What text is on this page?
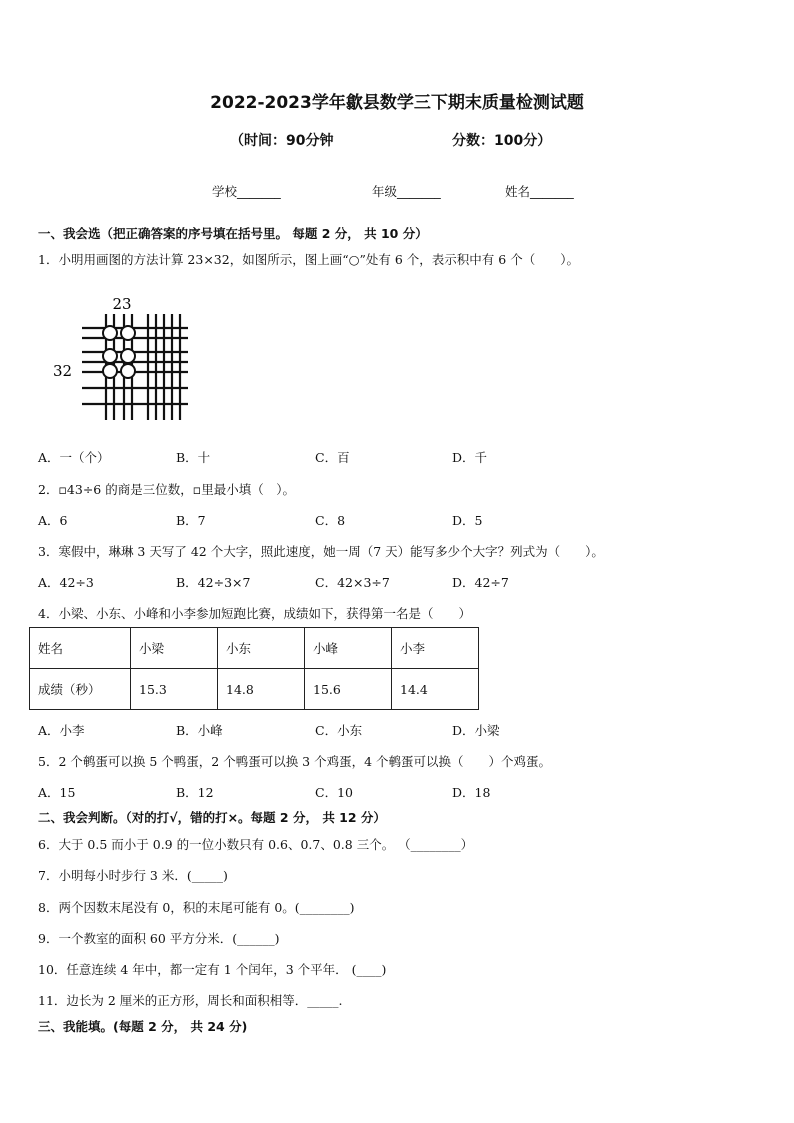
2022-2023学年歙县数学三下期末质量检测试题
（时间：90分钟	分数：100分）
学校_______	年级_______	姓名_______
一、我会选（把正确答案的序号填在括号里。 每题 2 分， 共 10 分）
1．小明用画图的方法计算 23×32，如图所示，图上画“○”处有 6 个，表示积中有 6 个（　　）。
23
32
A．一（个）	B．十	C．百	D．千
2．▫43÷6 的商是三位数，▫里最小填（　）。
A．6	B．7	C．8	D．5
3．寒假中，琳琳 3 天写了 42 个大字，照此速度，她一周（7 天）能写多少个大字？列式为（　　）。
A．42÷3	B．42÷3×7	C．42×3÷7	D．42÷7
4．小梁、小东、小峰和小李参加短跑比赛，成绩如下，获得第一名是（　　）
姓名	小梁	小东	小峰	小李
成绩（秒）	15.3	14.8	15.6	14.4
A．小李	B．小峰	C．小东	D．小梁
5．2 个鹌蛋可以换 5 个鸭蛋，2 个鸭蛋可以换 3 个鸡蛋，4 个鹌蛋可以换（　　）个鸡蛋。
A．15	B．12	C．10	D．18
二、我会判断。（对的打√，错的打×。每题 2 分， 共 12 分）
6．大于 0.5 而小于 0.9 的一位小数只有 0.6、0.7、0.8 三个。 （________）
7．小明每小时步行 3 米．(_____)
8．两个因数末尾没有 0，积的末尾可能有 0。(________)
9．一个教室的面积 60 平方分米．(______)
10．任意连续 4 年中，都一定有 1 个闰年，3 个平年． (____)
11．边长为 2 厘米的正方形，周长和面积相等．_____.
三、我能填。(每题 2 分， 共 24 分)
